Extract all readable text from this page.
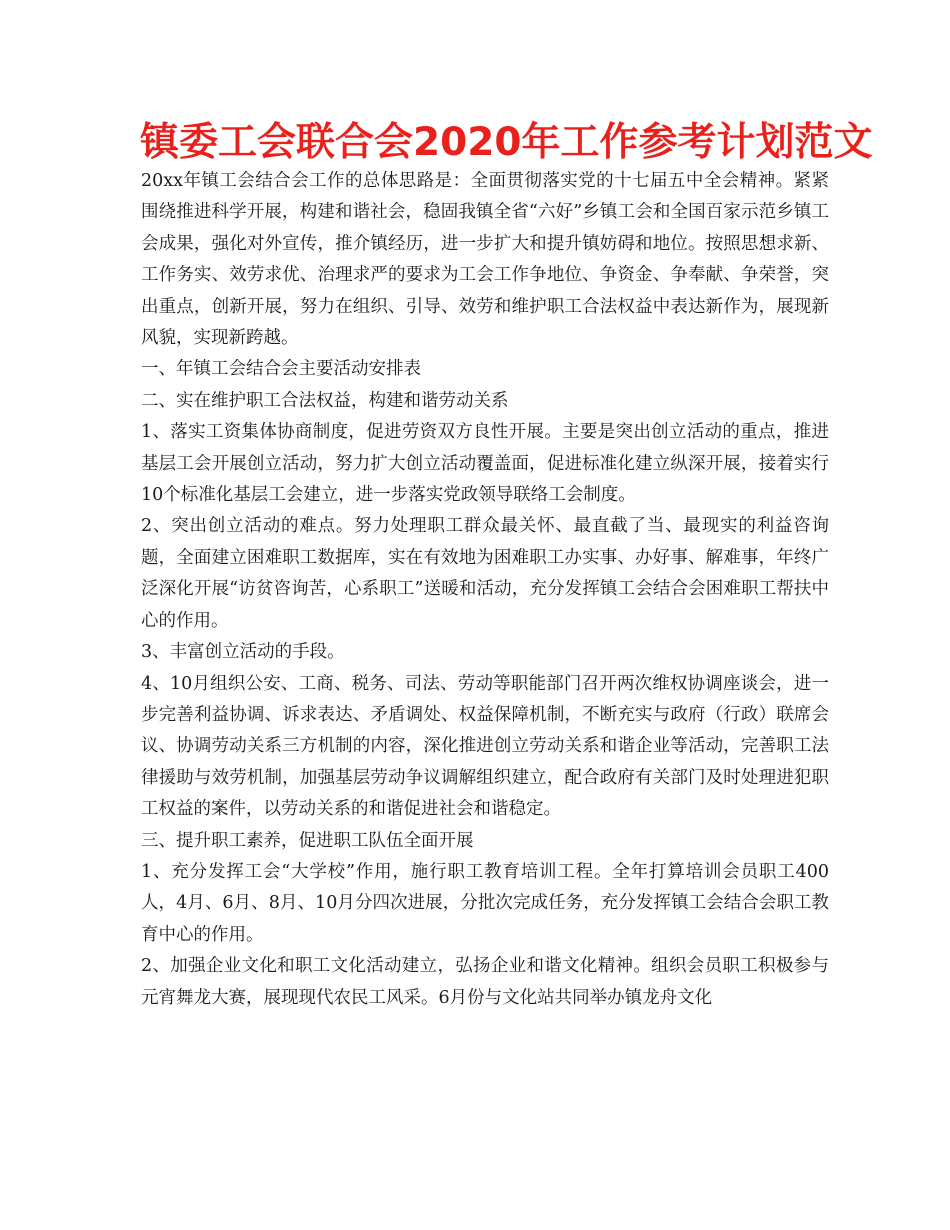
镇委工会联合会2020年工作参考计划范文

20xx年镇工会结合会工作的总体思路是：全面贯彻落实党的十七届五中全会精神。紧紧围绕推进科学开展，构建和谐社会，稳固我镇全省“六好”乡镇工会和全国百家示范乡镇工会成果，强化对外宣传，推介镇经历，进一步扩大和提升镇妨碍和地位。按照思想求新、工作务实、效劳求优、治理求严的要求为工会工作争地位、争资金、争奉献、争荣誉，突出重点，创新开展，努力在组织、引导、效劳和维护职工合法权益中表达新作为，展现新风貌，实现新跨越。

一、年镇工会结合会主要活动安排表

二、实在维护职工合法权益，构建和谐劳动关系

1、落实工资集体协商制度，促进劳资双方良性开展。主要是突出创立活动的重点，推进基层工会开展创立活动，努力扩大创立活动覆盖面，促进标准化建立纵深开展，接着实行10个标准化基层工会建立，进一步落实党政领导联络工会制度。

2、突出创立活动的难点。努力处理职工群众最关怀、最直截了当、最现实的利益咨询题，全面建立困难职工数据库，实在有效地为困难职工办实事、办好事、解难事，年终广泛深化开展“访贫咨询苦，心系职工”送暖和活动，充分发挥镇工会结合会困难职工帮扶中心的作用。

3、丰富创立活动的手段。

4、10月组织公安、工商、税务、司法、劳动等职能部门召开两次维权协调座谈会，进一步完善利益协调、诉求表达、矛盾调处、权益保障机制，不断充实与政府（行政）联席会议、协调劳动关系三方机制的内容，深化推进创立劳动关系和谐企业等活动，完善职工法律援助与效劳机制，加强基层劳动争议调解组织建立，配合政府有关部门及时处理进犯职工权益的案件，以劳动关系的和谐促进社会和谐稳定。

三、提升职工素养，促进职工队伍全面开展

1、充分发挥工会“大学校”作用，施行职工教育培训工程。全年打算培训会员职工400人，4月、6月、8月、10月分四次进展，分批次完成任务，充分发挥镇工会结合会职工教育中心的作用。

2、加强企业文化和职工文化活动建立，弘扬企业和谐文化精神。组织会员职工积极参与元宵舞龙大赛，展现现代农民工风采。6月份与文化站共同举办镇龙舟文化
